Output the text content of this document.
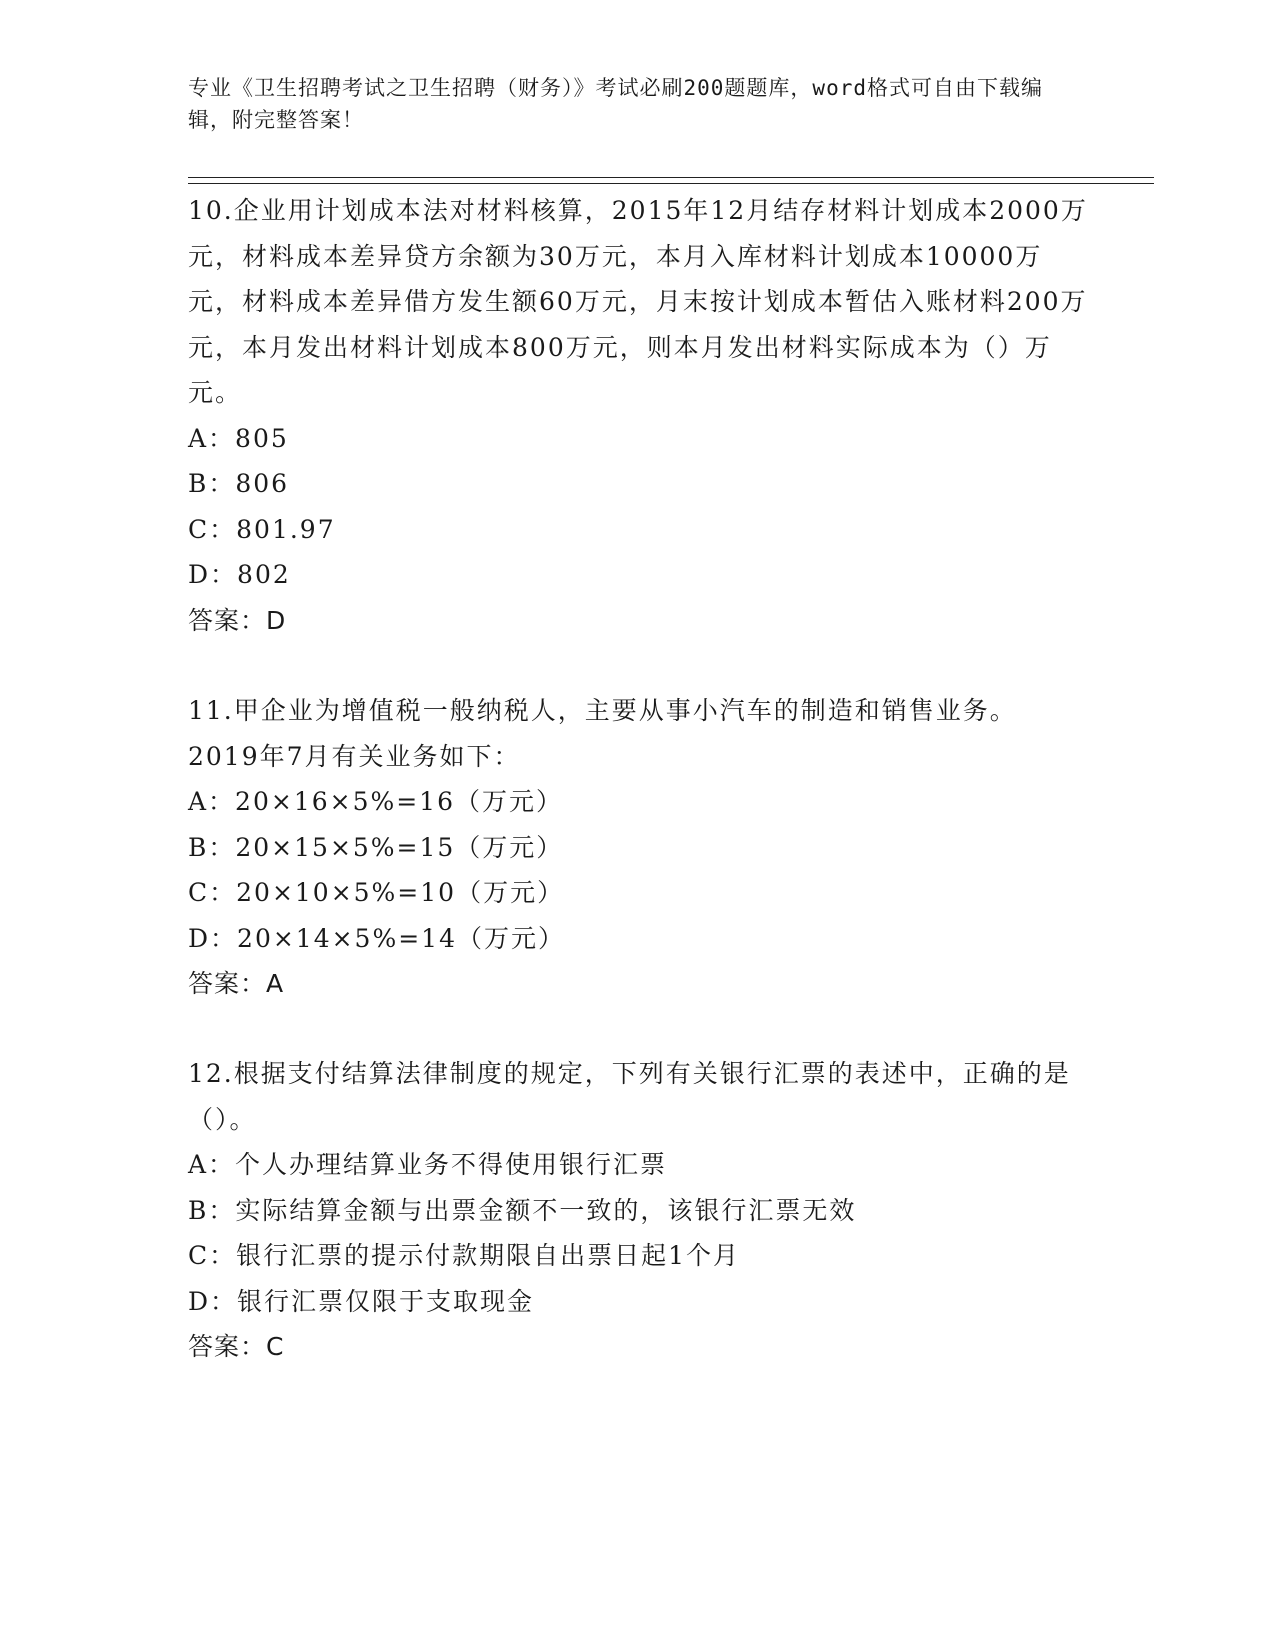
专业《卫生招聘考试之卫生招聘（财务）》考试必刷200题题库，word格式可自由下载编辑，附完整答案！

10.企业用计划成本法对材料核算，2015年12月结存材料计划成本2000万元，材料成本差异贷方余额为30万元，本月入库材料计划成本10000万元，材料成本差异借方发生额60万元，月末按计划成本暂估入账材料200万元，本月发出材料计划成本800万元，则本月发出材料实际成本为（）万元。

A：805

B：806

C：801.97

D：802

答案：D

11.甲企业为增值税一般纳税人，主要从事小汽车的制造和销售业务。2019年7月有关业务如下：

A：20×16×5%=16（万元）

B：20×15×5%=15（万元）

C：20×10×5%=10（万元）

D：20×14×5%=14（万元）

答案：A

12.根据支付结算法律制度的规定，下列有关银行汇票的表述中，正确的是（）。

A：个人办理结算业务不得使用银行汇票

B：实际结算金额与出票金额不一致的，该银行汇票无效

C：银行汇票的提示付款期限自出票日起1个月

D：银行汇票仅限于支取现金

答案：C
